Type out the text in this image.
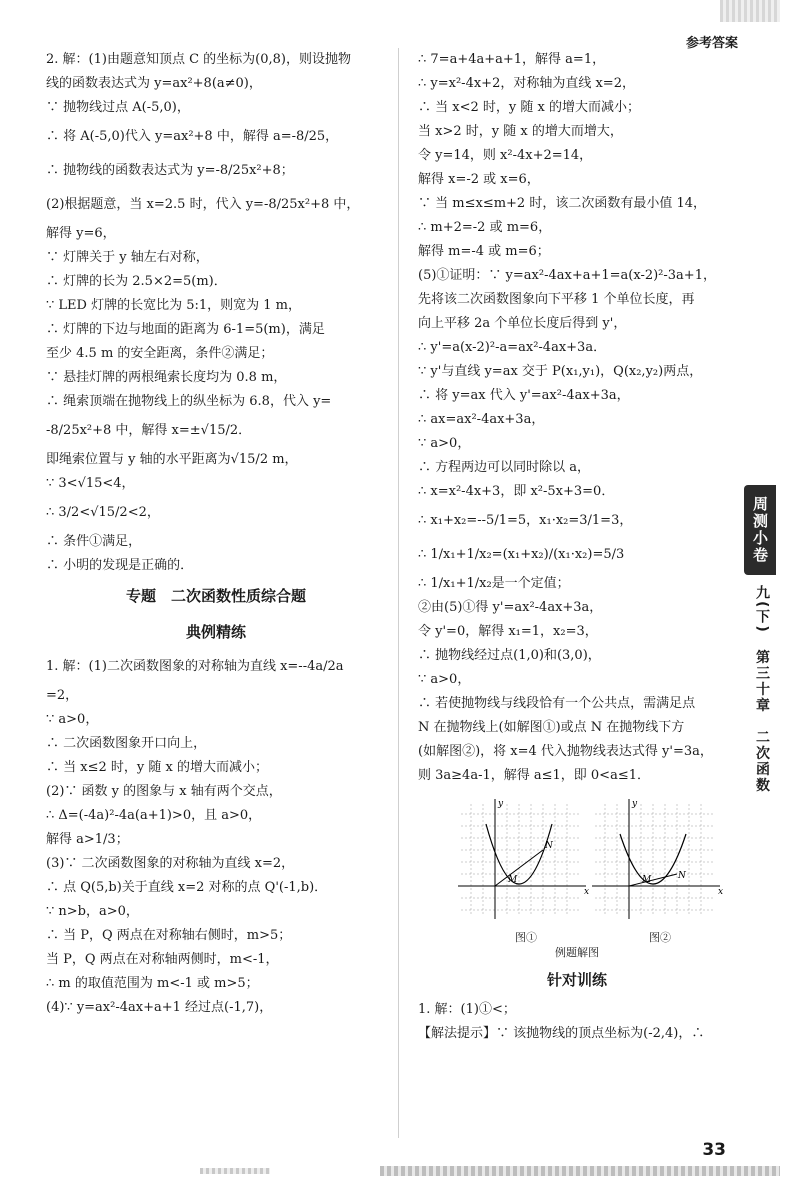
参考答案
2. 解：(1)由题意知顶点 C 的坐标为(0,8)，则设抛物
线的函数表达式为 y=ax²+8(a≠0)，
∵ 抛物线过点 A(-5,0)，
∴ 将 A(-5,0)代入 y=ax²+8 中，解得 a=-8/25，
∴ 抛物线的函数表达式为 y=-8/25x²+8；
(2)根据题意，当 x=2.5 时，代入 y=-8/25x²+8 中，
解得 y=6，
∵ 灯牌关于 y 轴左右对称，
∴ 灯牌的长为 2.5×2=5(m)．
∵ LED 灯牌的长宽比为 5:1，则宽为 1 m，
∴ 灯牌的下边与地面的距离为 6-1=5(m)，满足
至少 4.5 m 的安全距离，条件②满足；
∵ 悬挂灯牌的两根绳索长度均为 0.8 m，
∴ 绳索顶端在抛物线上的纵坐标为 6.8，代入 y=
-8/25x²+8 中，解得 x=±√15/2．
即绳索位置与 y 轴的水平距离为√15/2 m，
∵ 3<√15<4，
∴ 3/2<√15/2<2，
∴ 条件①满足，
∴ 小明的发现是正确的．
专题　二次函数性质综合题
典例精练
1. 解：(1)二次函数图象的对称轴为直线 x=--4a/2a
=2，
∵ a>0，
∴ 二次函数图象开口向上，
∴ 当 x≤2 时，y 随 x 的增大而减小；
(2)∵ 函数 y 的图象与 x 轴有两个交点，
∴ Δ=(-4a)²-4a(a+1)>0，且 a>0，
解得 a>1/3；
(3)∵ 二次函数图象的对称轴为直线 x=2，
∴ 点 Q(5,b)关于直线 x=2 对称的点 Q'(-1,b)．
∵ n>b，a>0，
∴ 当 P，Q 两点在对称轴右侧时，m>5；
当 P，Q 两点在对称轴两侧时，m<-1，
∴ m 的取值范围为 m<-1 或 m>5；
(4)∵ y=ax²-4ax+a+1 经过点(-1,7)，
∴ 7=a+4a+a+1，解得 a=1，
∴ y=x²-4x+2，对称轴为直线 x=2，
∴ 当 x<2 时，y 随 x 的增大而减小；
当 x>2 时，y 随 x 的增大而增大，
令 y=14，则 x²-4x+2=14，
解得 x=-2 或 x=6，
∵ 当 m≤x≤m+2 时，该二次函数有最小值 14，
∴ m+2=-2 或 m=6，
解得 m=-4 或 m=6；
(5)①证明：∵ y=ax²-4ax+a+1=a(x-2)²-3a+1，
先将该二次函数图象向下平移 1 个单位长度，再
向上平移 2a 个单位长度后得到 y'，
∴ y'=a(x-2)²-a=ax²-4ax+3a．
∵ y'与直线 y=ax 交于 P(x₁,y₁)，Q(x₂,y₂)两点，
∴ 将 y=ax 代入 y'=ax²-4ax+3a，
∴ ax=ax²-4ax+3a，
∵ a>0，
∴ 方程两边可以同时除以 a，
∴ x=x²-4x+3，即 x²-5x+3=0．
∴ x₁+x₂=--5/1=5，x₁·x₂=3/1=3，
∴ 1/x₁+1/x₂=(x₁+x₂)/(x₁·x₂)=5/3
∴ 1/x₁+1/x₂是一个定值；
②由(5)①得 y'=ax²-4ax+3a，
令 y'=0，解得 x₁=1，x₂=3，
∴ 抛物线经过点(1,0)和(3,0)，
∵ a>0，
∴ 若使抛物线与线段恰有一个公共点，需满足点
N 在抛物线上(如解图①)或点 N 在抛物线下方
(如解图②)，将 x=4 代入抛物线表达式得 y'=3a，
则 3a≥4a-1，解得 a≤1，即 0<a≤1．
N
M
y
x
N
M
y
x
图①	图②
例题解图
针对训练
1. 解：(1)①<；
【解法提示】∵ 该抛物线的顶点坐标为(-2,4)，∴
周测小卷
九(下)　第三十章　二次函数
33
